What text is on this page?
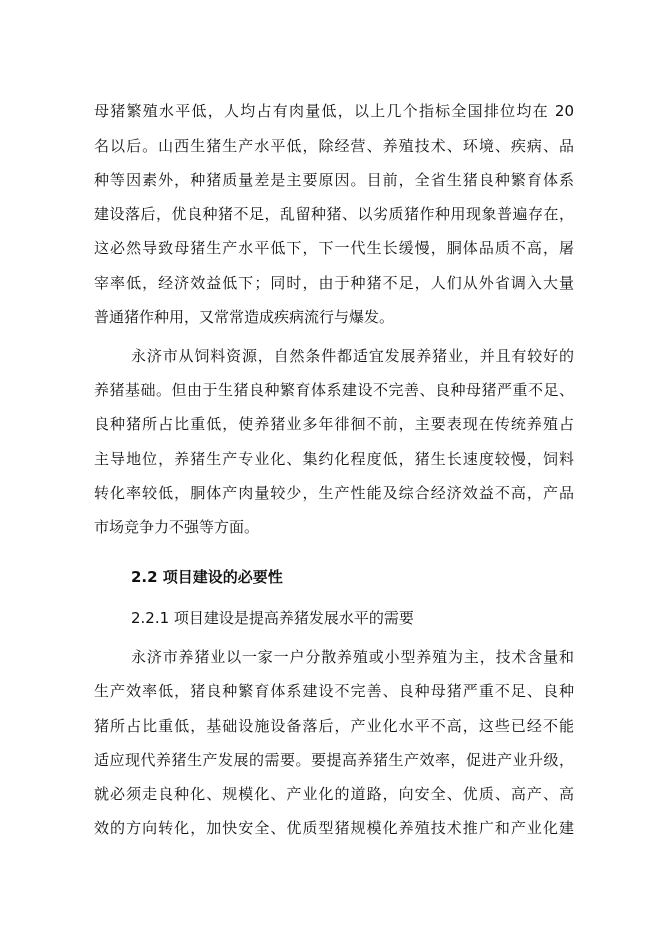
母猪繁殖水平低，人均占有肉量低，以上几个指标全国排位均在 20
名以后。山西生猪生产水平低，除经营、养殖技术、环境、疾病、品
种等因素外，种猪质量差是主要原因。目前，全省生猪良种繁育体系
建设落后，优良种猪不足，乱留种猪、以劣质猪作种用现象普遍存在，
这必然导致母猪生产水平低下，下一代生长缓慢，胴体品质不高，屠
宰率低，经济效益低下；同时，由于种猪不足，人们从外省调入大量
普通猪作种用，又常常造成疾病流行与爆发。
永济市从饲料资源，自然条件都适宜发展养猪业，并且有较好的
养猪基础。但由于生猪良种繁育体系建设不完善、良种母猪严重不足、
良种猪所占比重低，使养猪业多年徘徊不前，主要表现在传统养殖占
主导地位，养猪生产专业化、集约化程度低，猪生长速度较慢，饲料
转化率较低，胴体产肉量较少，生产性能及综合经济效益不高，产品
市场竞争力不强等方面。
2.2 项目建设的必要性
2.2.1 项目建设是提高养猪发展水平的需要
永济市养猪业以一家一户分散养殖或小型养殖为主，技术含量和
生产效率低，猪良种繁育体系建设不完善、良种母猪严重不足、良种
猪所占比重低，基础设施设备落后，产业化水平不高，这些已经不能
适应现代养猪生产发展的需要。要提高养猪生产效率，促进产业升级，
就必须走良种化、规模化、产业化的道路，向安全、优质、高产、高
效的方向转化，加快安全、优质型猪规模化养殖技术推广和产业化建
